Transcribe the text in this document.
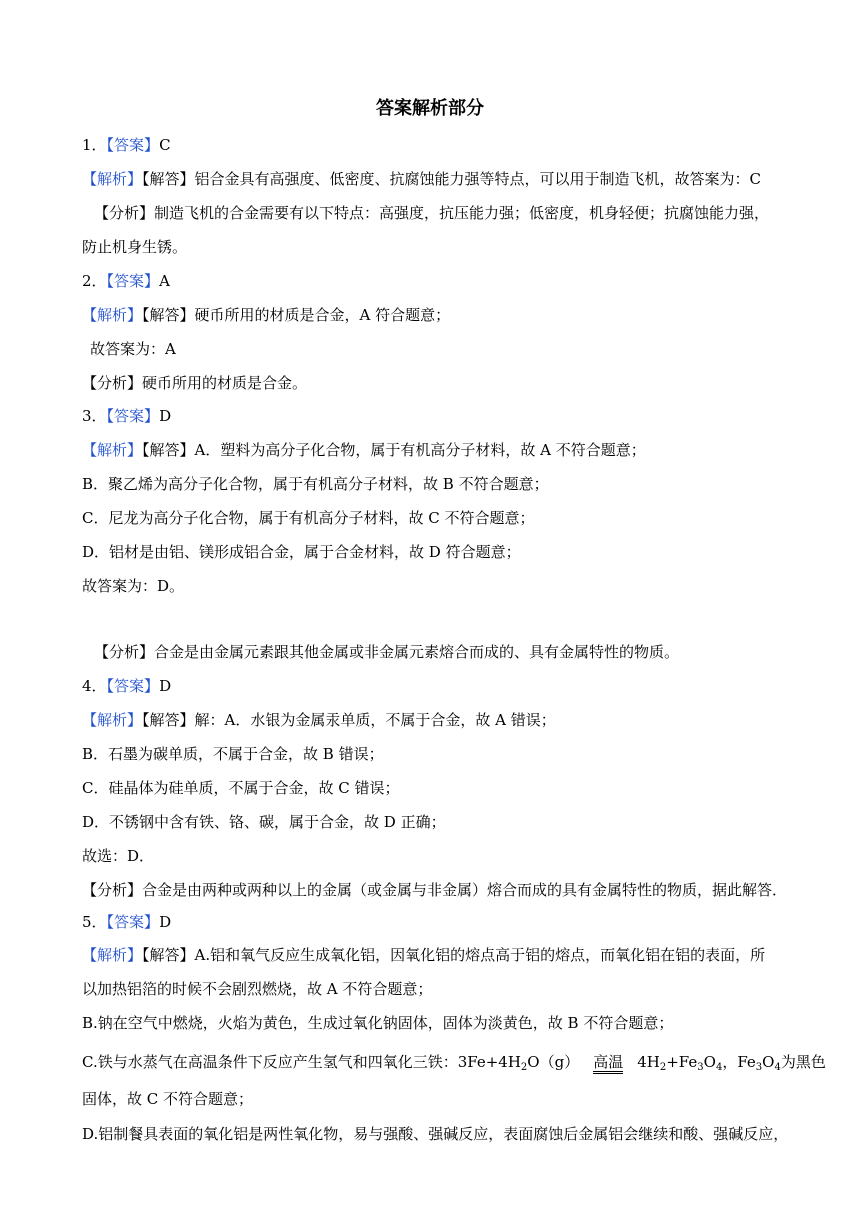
答案解析部分
1．【答案】C
【解析】【解答】铝合金具有高强度、低密度、抗腐蚀能力强等特点，可以用于制造飞机，故答案为：C
【分析】制造飞机的合金需要有以下特点：高强度，抗压能力强；低密度，机身轻便；抗腐蚀能力强，
防止机身生锈。
2．【答案】A
【解析】【解答】硬币所用的材质是合金，A 符合题意；
故答案为：A
【分析】硬币所用的材质是合金。
3．【答案】D
【解析】【解答】A．塑料为高分子化合物，属于有机高分子材料，故 A 不符合题意；
B．聚乙烯为高分子化合物，属于有机高分子材料，故 B 不符合题意；
C．尼龙为高分子化合物，属于有机高分子材料，故 C 不符合题意；
D．铝材是由铝、镁形成铝合金，属于合金材料，故 D 符合题意；
故答案为：D。
【分析】合金是由金属元素跟其他金属或非金属元素熔合而成的、具有金属特性的物质。
4．【答案】D
【解析】【解答】解：A．水银为金属汞单质，不属于合金，故 A 错误；
B．石墨为碳单质，不属于合金，故 B 错误；
C．硅晶体为硅单质，不属于合金，故 C 错误；
D．不锈钢中含有铁、铬、碳，属于合金，故 D 正确；
故选：D．
【分析】合金是由两种或两种以上的金属（或金属与非金属）熔合而成的具有金属特性的物质，据此解答．
5．【答案】D
【解析】【解答】A.铝和氧气反应生成氧化铝，因氧化铝的熔点高于铝的熔点，而氧化铝在铝的表面，所
以加热铝箔的时候不会剧烈燃烧，故 A 不符合题意；
B.钠在空气中燃烧，火焰为黄色，生成过氧化钠固体，固体为淡黄色，故 B 不符合题意；
C.铁与水蒸气在高温条件下反应产生氢气和四氧化三铁：$3Fe+4H_2O(g)$ 高温 $4H_2+Fe_3O_4$，$Fe_3O_4$为黑色
固体，故 C 不符合题意；
D.铝制餐具表面的氧化铝是两性氧化物，易与强酸、强碱反应，表面腐蚀后金属铝会继续和酸、强碱反应，
